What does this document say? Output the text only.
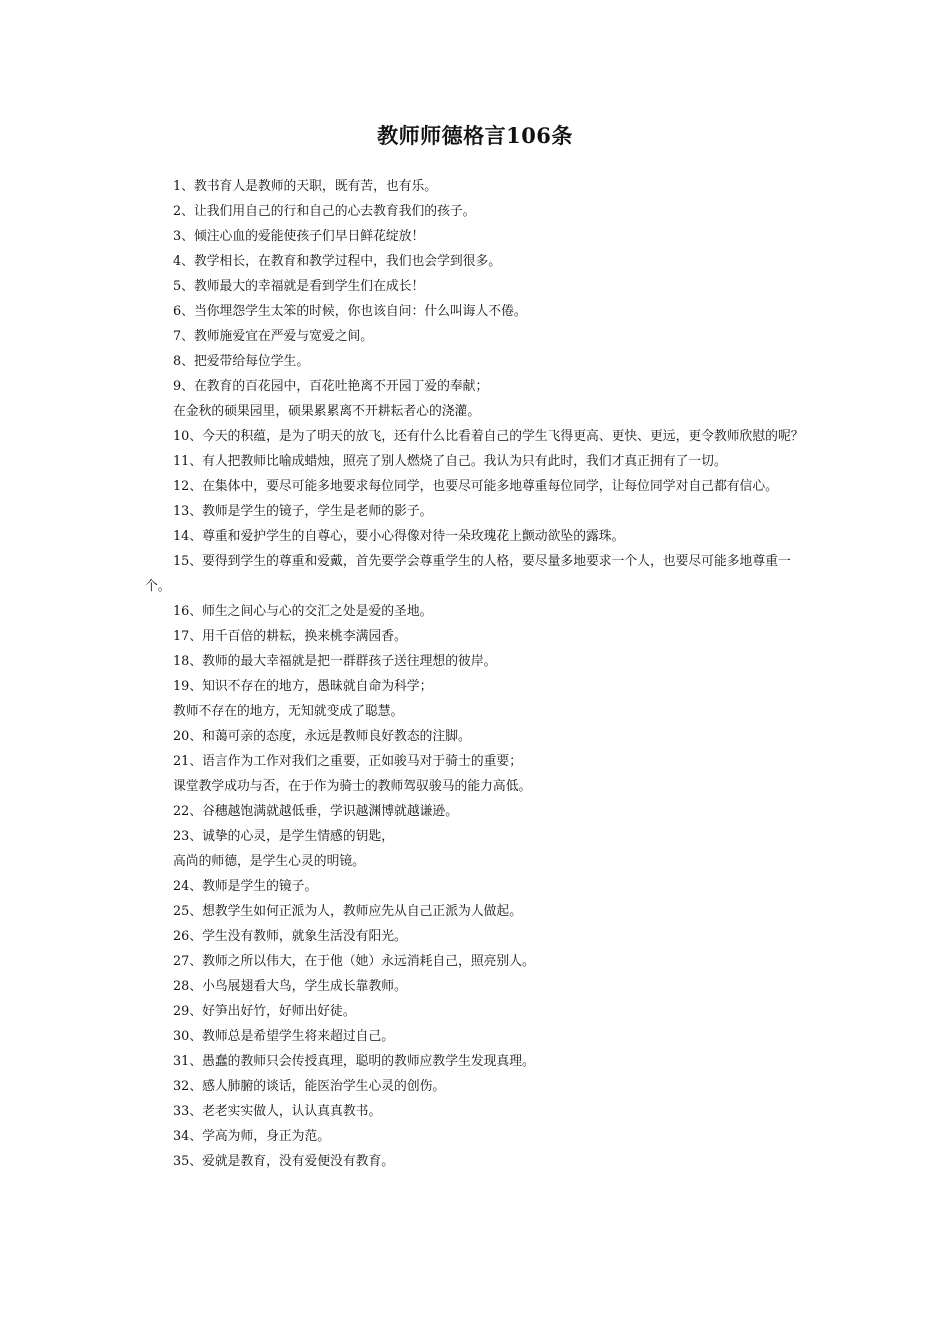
教师师德格言106条

1、教书育人是教师的天职，既有苦，也有乐。

2、让我们用自己的行和自己的心去教育我们的孩子。

3、倾注心血的爱能使孩子们早日鲜花绽放！

4、教学相长，在教育和教学过程中，我们也会学到很多。

5、教师最大的幸福就是看到学生们在成长！

6、当你埋怨学生太笨的时候，你也该自问：什么叫诲人不倦。

7、教师施爱宜在严爱与宽爱之间。

8、把爱带给每位学生。

9、在教育的百花园中，百花吐艳离不开园丁爱的奉献；

在金秋的硕果园里，硕果累累离不开耕耘者心的浇灌。

10、今天的积蕴，是为了明天的放飞，还有什么比看着自己的学生飞得更高、更快、更远，更令教师欣慰的呢？

11、有人把教师比喻成蜡烛，照亮了别人燃烧了自己。我认为只有此时，我们才真正拥有了一切。

12、在集体中，要尽可能多地要求每位同学，也要尽可能多地尊重每位同学，让每位同学对自己都有信心。

13、教师是学生的镜子，学生是老师的影子。

14、尊重和爱护学生的自尊心，要小心得像对待一朵玫瑰花上颤动欲坠的露珠。

15、要得到学生的尊重和爱戴，首先要学会尊重学生的人格，要尽量多地要求一个人，也要尽可能多地尊重一个。

16、师生之间心与心的交汇之处是爱的圣地。

17、用千百倍的耕耘，换来桃李满园香。

18、教师的最大幸福就是把一群群孩子送往理想的彼岸。

19、知识不存在的地方，愚昧就自命为科学；

教师不存在的地方，无知就变成了聪慧。

20、和蔼可亲的态度，永远是教师良好教态的注脚。

21、语言作为工作对我们之重要，正如骏马对于骑士的重要；

课堂教学成功与否，在于作为骑士的教师驾驭骏马的能力高低。

22、谷穗越饱满就越低垂，学识越渊博就越谦逊。

23、诚挚的心灵，是学生情感的钥匙，

高尚的师德，是学生心灵的明镜。

24、教师是学生的镜子。

25、想教学生如何正派为人，教师应先从自己正派为人做起。

26、学生没有教师，就象生活没有阳光。

27、教师之所以伟大，在于他（她）永远消耗自己，照亮别人。

28、小鸟展翅看大鸟，学生成长靠教师。

29、好笋出好竹，好师出好徒。

30、教师总是希望学生将来超过自己。

31、愚蠢的教师只会传授真理，聪明的教师应教学生发现真理。

32、感人肺腑的谈话，能医治学生心灵的创伤。

33、老老实实做人，认认真真教书。

34、学高为师，身正为范。

35、爱就是教育，没有爱便没有教育。
